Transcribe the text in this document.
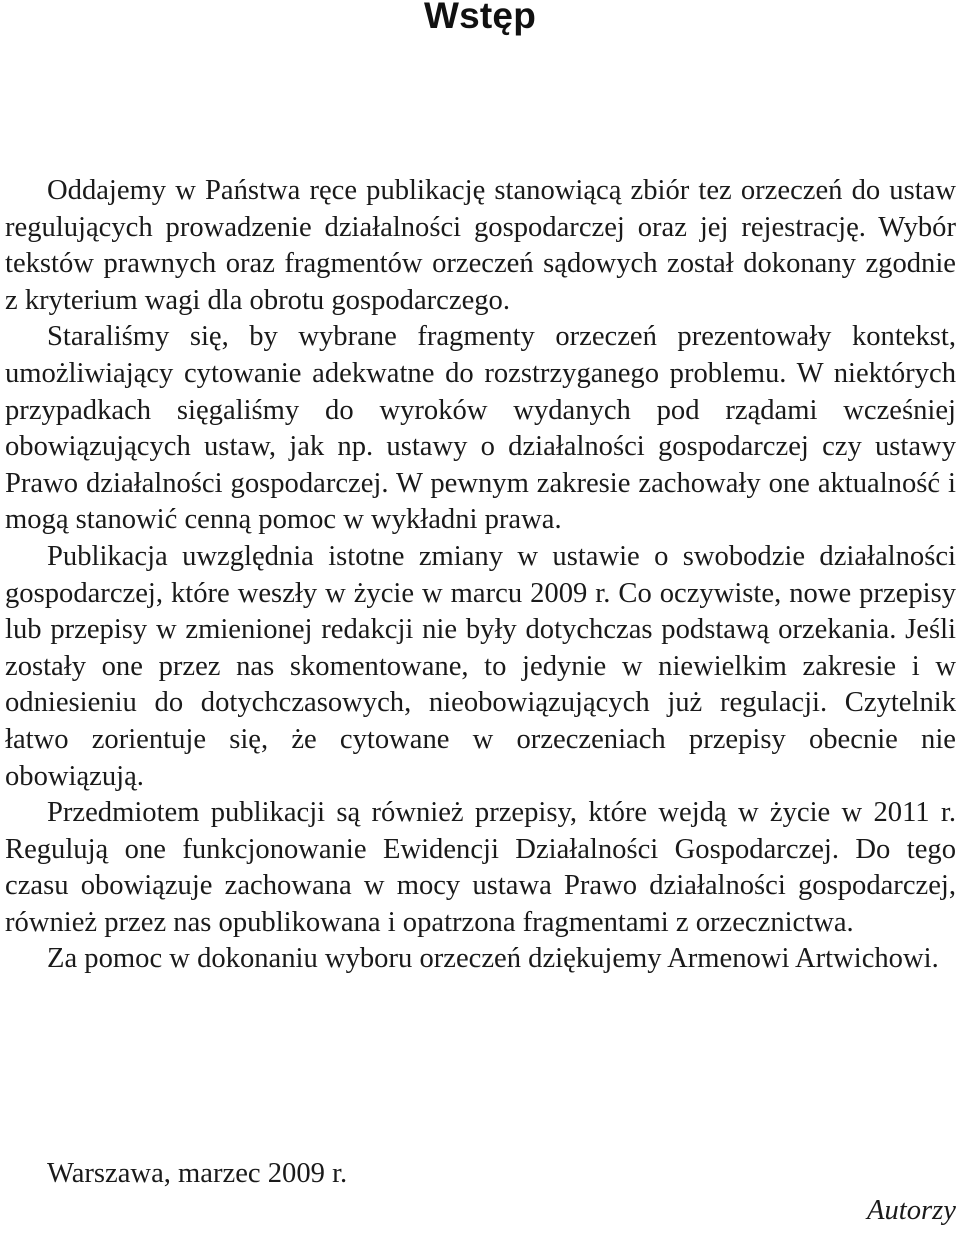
Wstęp

Oddajemy w Państwa ręce publikację stanowiącą zbiór tez orzeczeń do ustaw regulujących prowadzenie działalności gospodarczej oraz jej rejestrację. Wybór tekstów prawnych oraz fragmentów orzeczeń sądowych został dokonany zgodnie z kryterium wagi dla obrotu gospodarczego.

Staraliśmy się, by wybrane fragmenty orzeczeń prezentowały kontekst, umożliwiający cytowanie adekwatne do rozstrzyganego problemu. W niektórych przypadkach sięgaliśmy do wyroków wydanych pod rządami wcześniej obowiązujących ustaw, jak np. ustawy o działalności gospodarczej czy ustawy Prawo działalności gospodarczej. W pewnym zakresie zachowały one aktualność i mogą stanowić cenną pomoc w wykładni prawa.

Publikacja uwzględnia istotne zmiany w ustawie o swobodzie działalności gospodarczej, które weszły w życie w marcu 2009 r. Co oczywiste, nowe przepisy lub przepisy w zmienionej redakcji nie były dotychczas podstawą orzekania. Jeśli zostały one przez nas skomentowane, to jedynie w niewielkim zakresie i w odniesieniu do dotychczasowych, nieobowiązujących już regulacji. Czytelnik łatwo zorientuje się, że cytowane w orzeczeniach przepisy obecnie nie obowiązują.

Przedmiotem publikacji są również przepisy, które wejdą w życie w 2011 r. Regulują one funkcjonowanie Ewidencji Działalności Gospodarczej. Do tego czasu obowiązuje zachowana w mocy ustawa Prawo działalności gospodarczej, również przez nas opublikowana i opatrzona fragmentami z orzecznictwa.

Za pomoc w dokonaniu wyboru orzeczeń dziękujemy Armenowi Artwichowi.

Warszawa, marzec 2009 r.

Autorzy
